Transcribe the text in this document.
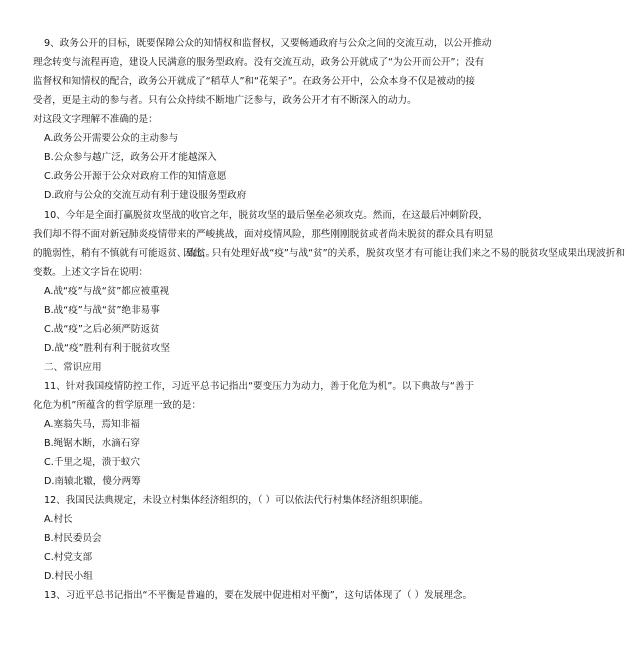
9、政务公开的目标，既要保障公众的知情权和监督权，又要畅通政府与公众之间的交流互动，以公开推动
理念转变与流程再造，建设人民满意的服务型政府。没有交流互动，政务公开就成了“为公开而公开”；没有
监督权和知情权的配合，政务公开就成了“稻草人”和“花架子”。在政务公开中，公众本身不仅是被动的接
受者，更是主动的参与者。只有公众持续不断地广泛参与，政务公开才有不断深入的动力。
对这段文字理解不准确的是：
A.政务公开需要公众的主动参与
B.公众参与越广泛，政务公开才能越深入
C.政务公开源于公众对政府工作的知情意愿
D.政府与公众的交流互动有利于建设服务型政府
10、今年是全面打赢脱贫攻坚战的收官之年，脱贫攻坚的最后堡垒必须攻克。然而，在这最后冲刺阶段，
我们却不得不面对新冠肺炎疫情带来的严峻挑战，面对疫情风险，那些刚刚脱贫或者尚未脱贫的群众具有明显
的脆弱性，稍有不慎就有可能返贫、致贫。
因此，只有处理好战“疫”与战“贫”的关系，脱贫攻坚才有可能让我们来之不易的脱贫攻坚成果出现波折和
变数。上述文字旨在说明：
A.战“疫”与战“贫”都应被重视
B.战“疫”与战“贫”绝非易事
C.战“疫”之后必须严防返贫
D.战“疫”胜利有利于脱贫攻坚
二、常识应用
11、针对我国疫情防控工作，习近平总书记指出“要变压力为动力，善于化危为机”。以下典故与“善于
化危为机”所蕴含的哲学原理一致的是：
A.塞翁失马，焉知非福
B.绳锯木断，水滴石穿
C.千里之堤，溃于蚁穴
D.南辕北辙，傻分两筹
12、我国民法典规定，未设立村集体经济组织的，（ ）可以依法代行村集体经济组织职能。
A.村长
B.村民委员会
C.村党支部
D.村民小组
13、习近平总书记指出“不平衡是普遍的，要在发展中促进相对平衡”，这句话体现了（ ）发展理念。
